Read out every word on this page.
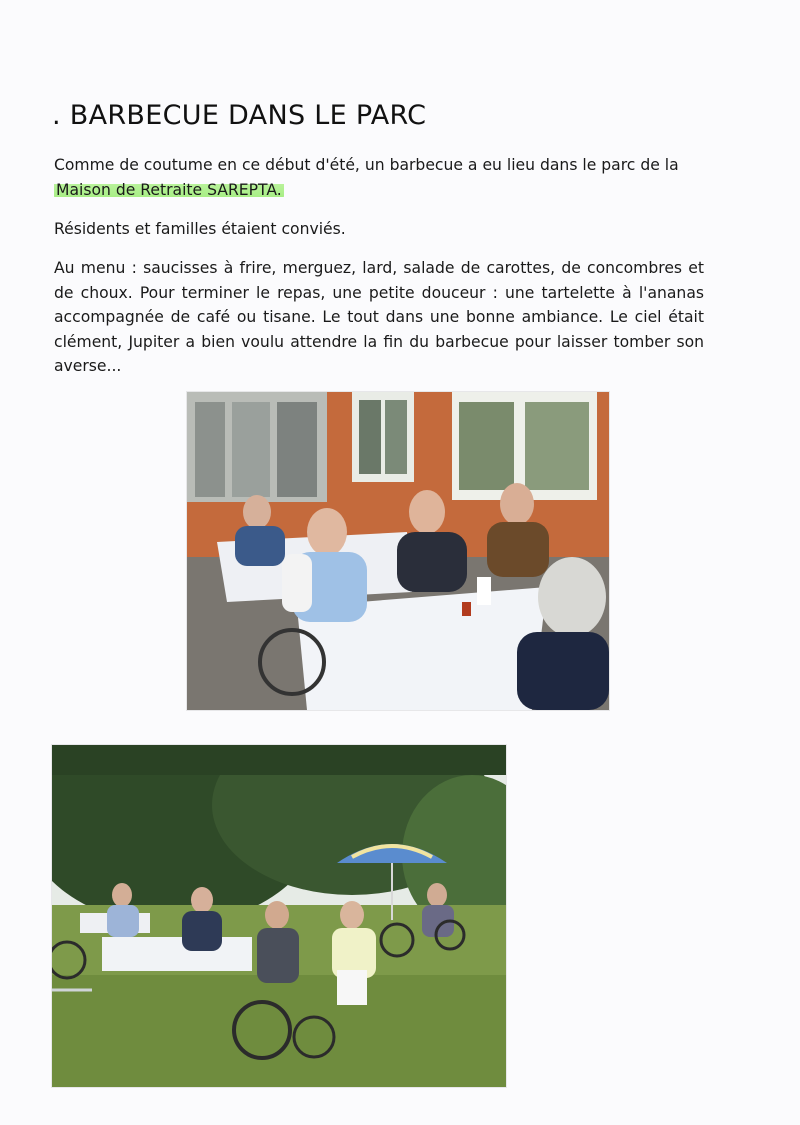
. BARBECUE DANS LE PARC

Comme de coutume en ce début d'été, un barbecue a eu lieu dans le parc de la Maison de Retraite SAREPTA.

Résidents et familles étaient conviés.

Au menu : saucisses à frire, merguez, lard, salade de carottes, de concombres et de choux. Pour terminer le repas, une petite douceur : une tartelette à l'ananas accompagnée de café ou tisane. Le tout dans une bonne ambiance. Le ciel était clément, Jupiter a bien voulu attendre la fin du barbecue pour laisser tomber son averse...
